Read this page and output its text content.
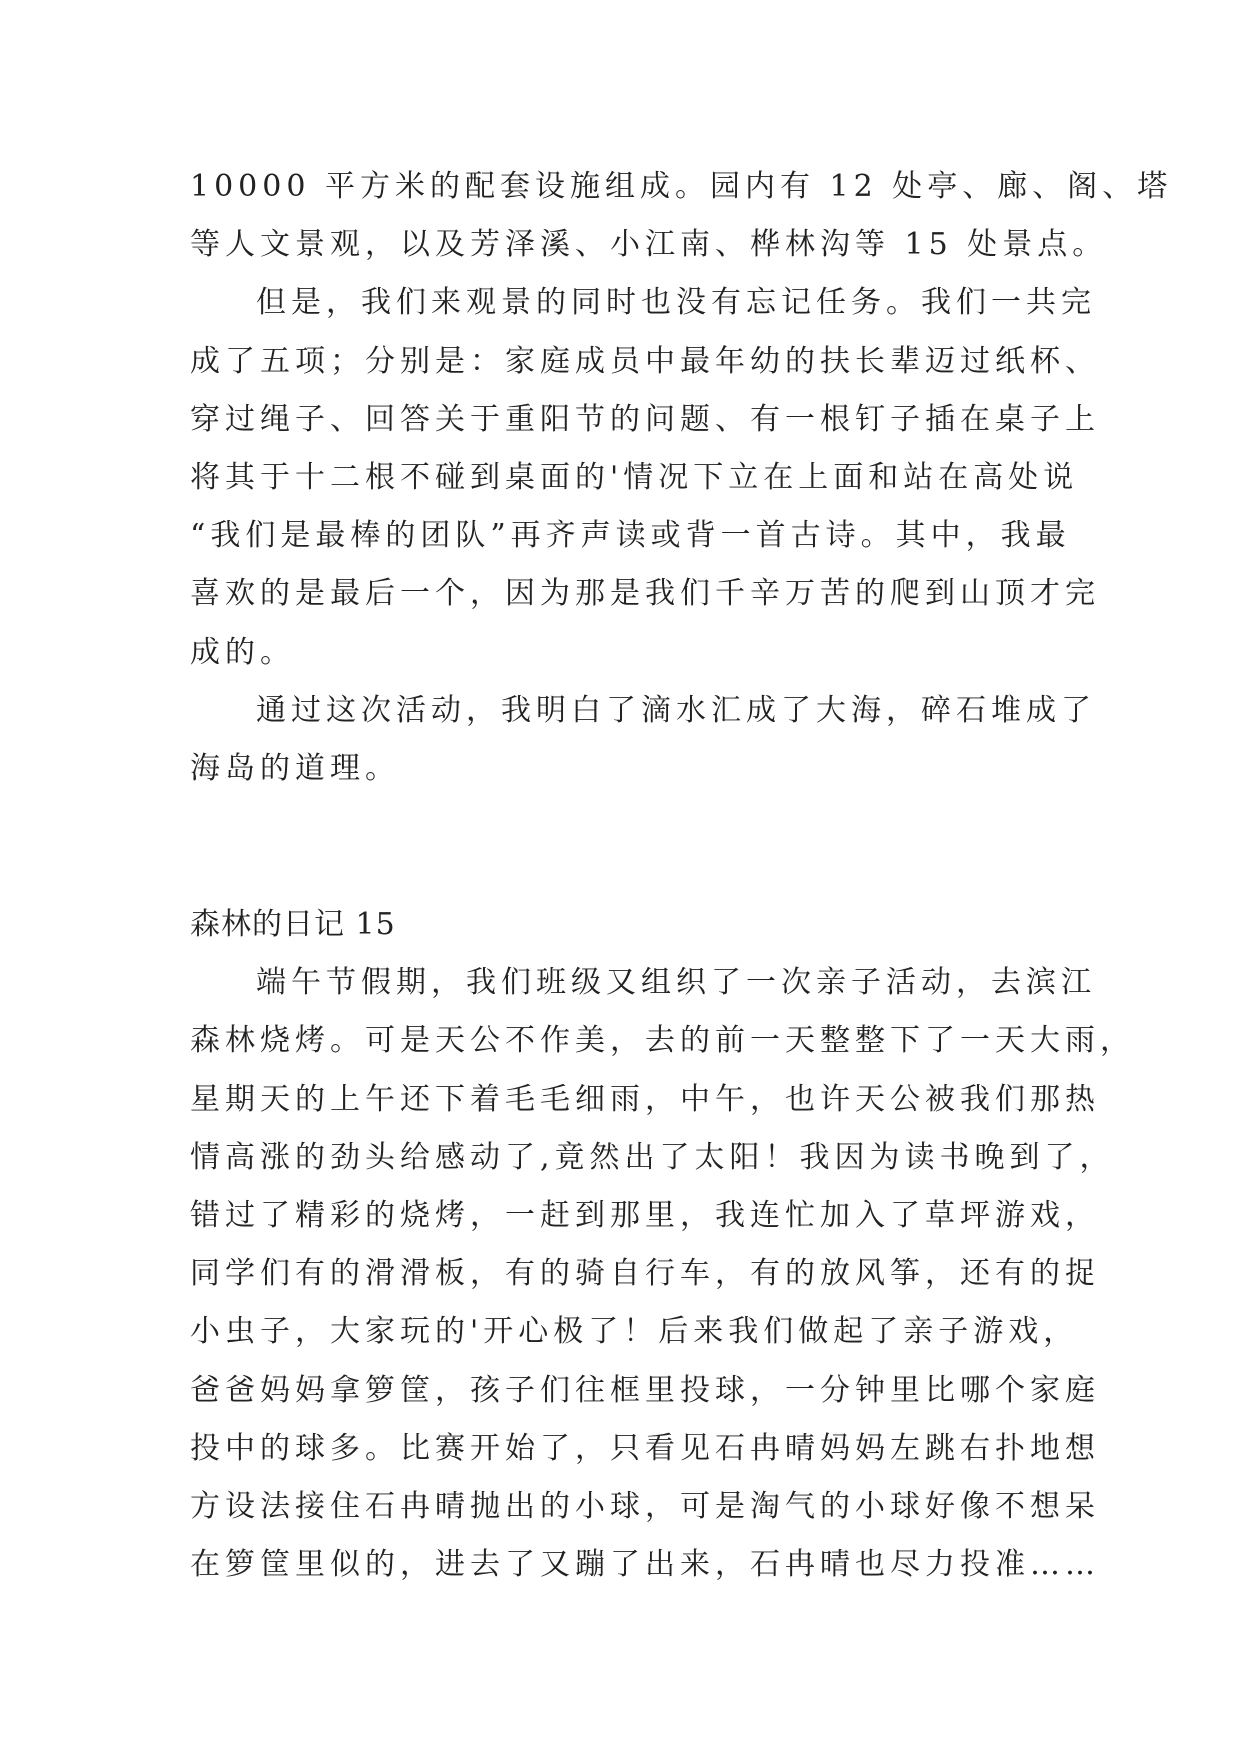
10000 平方米的配套设施组成。园内有 12 处亭、廊、阁、塔
等人文景观，以及芳泽溪、小江南、桦林沟等 15 处景点。
但是，我们来观景的同时也没有忘记任务。我们一共完
成了五项；分别是：家庭成员中最年幼的扶长辈迈过纸杯、
穿过绳子、回答关于重阳节的问题、有一根钉子插在桌子上
将其于十二根不碰到桌面的'情况下立在上面和站在高处说
“我们是最棒的团队”再齐声读或背一首古诗。其中，我最
喜欢的是最后一个，因为那是我们千辛万苦的爬到山顶才完
成的。
通过这次活动，我明白了滴水汇成了大海，碎石堆成了
海岛的道理。
森林的日记 15
端午节假期，我们班级又组织了一次亲子活动，去滨江
森林烧烤。可是天公不作美，去的前一天整整下了一天大雨，
星期天的上午还下着毛毛细雨，中午，也许天公被我们那热
情高涨的劲头给感动了,竟然出了太阳！我因为读书晚到了，
错过了精彩的烧烤，一赶到那里，我连忙加入了草坪游戏，
同学们有的滑滑板，有的骑自行车，有的放风筝，还有的捉
小虫子，大家玩的'开心极了！后来我们做起了亲子游戏，
爸爸妈妈拿箩筐，孩子们往框里投球，一分钟里比哪个家庭
投中的球多。比赛开始了，只看见石冉晴妈妈左跳右扑地想
方设法接住石冉晴抛出的小球，可是淘气的小球好像不想呆
在箩筐里似的，进去了又蹦了出来，石冉晴也尽力投准……
